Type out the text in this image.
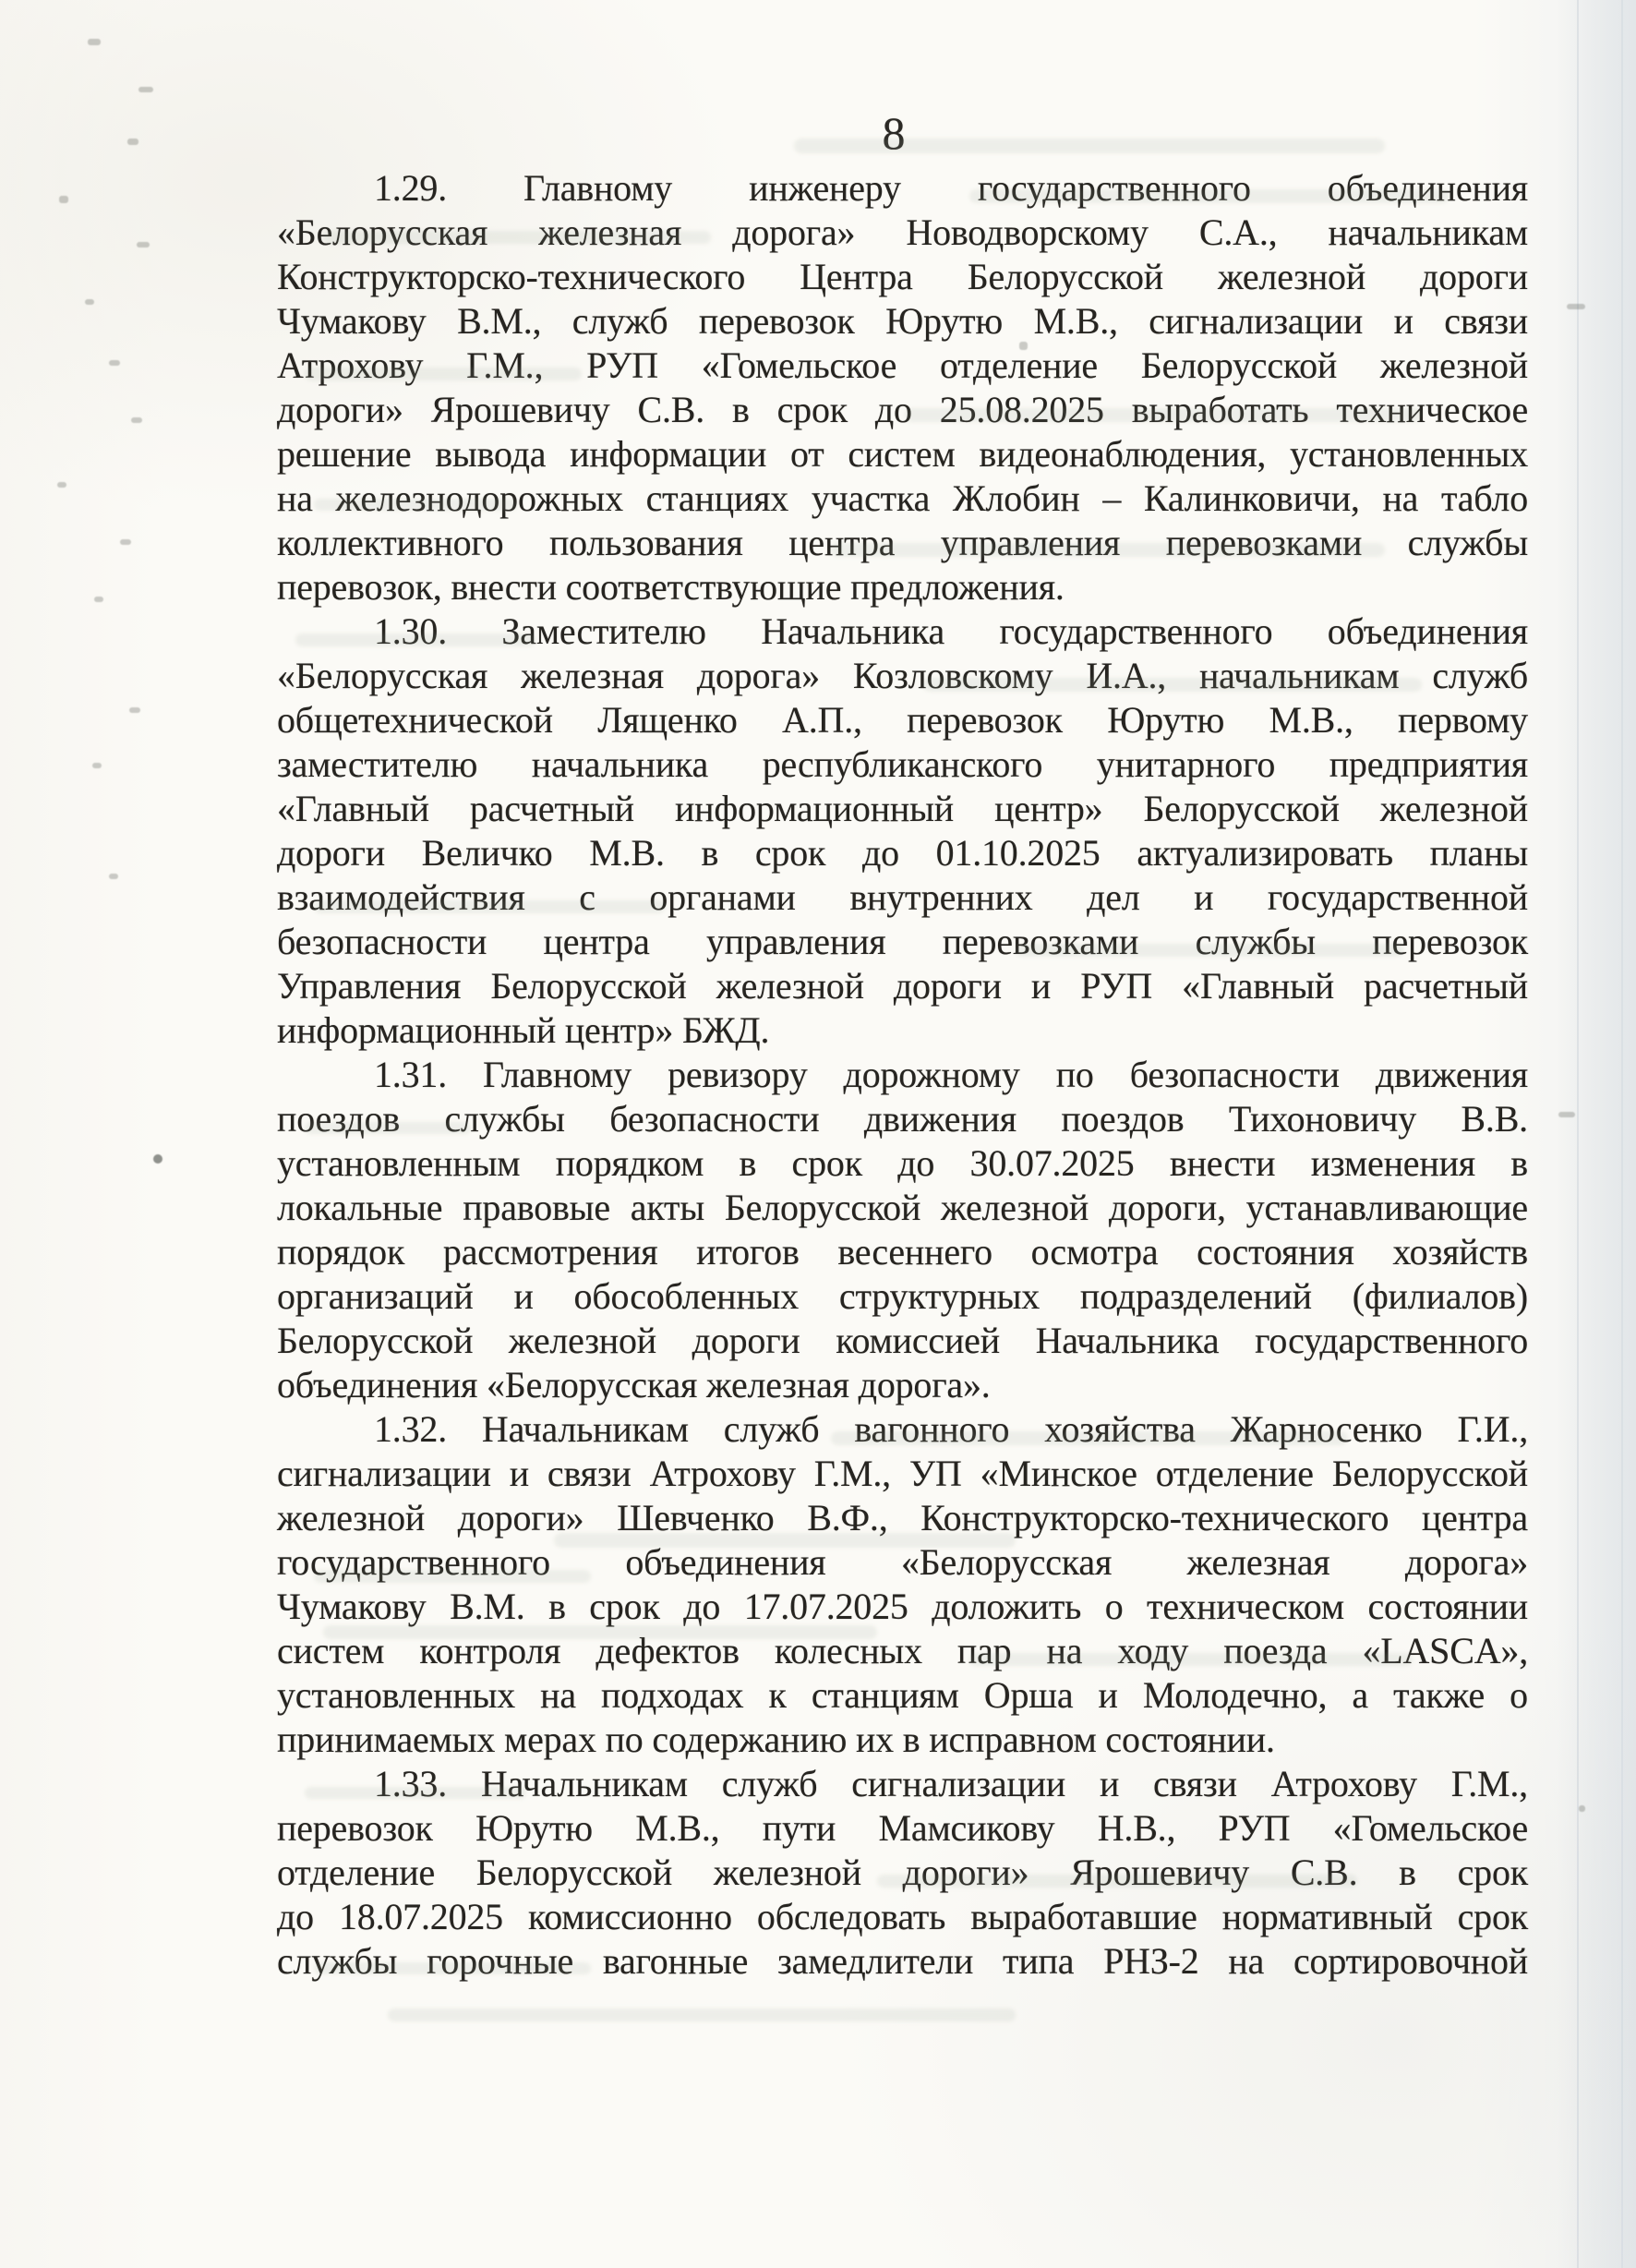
8
1.29. Главному инженеру государственного объединения
«Белорусская железная дорога» Новодворскому С.А., начальникам
Конструкторско-технического Центра Белорусской железной дороги
Чумакову В.М., служб перевозок Юрутю М.В., сигнализации и связи
Атрохову Г.М., РУП «Гомельское отделение Белорусской железной
дороги» Ярошевичу С.В. в срок до 25.08.2025 выработать техническое
решение вывода информации от систем видеонаблюдения, установленных
на железнодорожных станциях участка Жлобин – Калинковичи, на табло
коллективного пользования центра управления перевозками службы
перевозок, внести соответствующие предложения.
1.30. Заместителю Начальника государственного объединения
«Белорусская железная дорога» Козловскому И.А., начальникам служб
общетехнической Лященко А.П., перевозок Юрутю М.В., первому
заместителю начальника республиканского унитарного предприятия
«Главный расчетный информационный центр» Белорусской железной
дороги Величко М.В. в срок до 01.10.2025 актуализировать планы
взаимодействия с органами внутренних дел и государственной
безопасности центра управления перевозками службы перевозок
Управления Белорусской железной дороги и РУП «Главный расчетный
информационный центр» БЖД.
1.31. Главному ревизору дорожному по безопасности движения
поездов службы безопасности движения поездов Тихоновичу В.В.
установленным порядком в срок до 30.07.2025 внести изменения в
локальные правовые акты Белорусской железной дороги, устанавливающие
порядок рассмотрения итогов весеннего осмотра состояния хозяйств
организаций и обособленных структурных подразделений (филиалов)
Белорусской железной дороги комиссией Начальника государственного
объединения «Белорусская железная дорога».
1.32. Начальникам служб вагонного хозяйства Жарносенко Г.И.,
сигнализации и связи Атрохову Г.М., УП «Минское отделение Белорусской
железной дороги» Шевченко В.Ф., Конструкторско-технического центра
государственного объединения «Белорусская железная дорога»
Чумакову В.М. в срок до 17.07.2025 доложить о техническом состоянии
систем контроля дефектов колесных пар на ходу поезда «LASCA»,
установленных на подходах к станциям Орша и Молодечно, а также о
принимаемых мерах по содержанию их в исправном состоянии.
1.33. Начальникам служб сигнализации и связи Атрохову Г.М.,
перевозок Юрутю М.В., пути Мамсикову Н.В., РУП «Гомельское
отделение Белорусской железной дороги» Ярошевичу С.В. в срок
до 18.07.2025 комиссионно обследовать выработавшие нормативный срок
службы горочные вагонные замедлители типа РНЗ-2 на сортировочной
